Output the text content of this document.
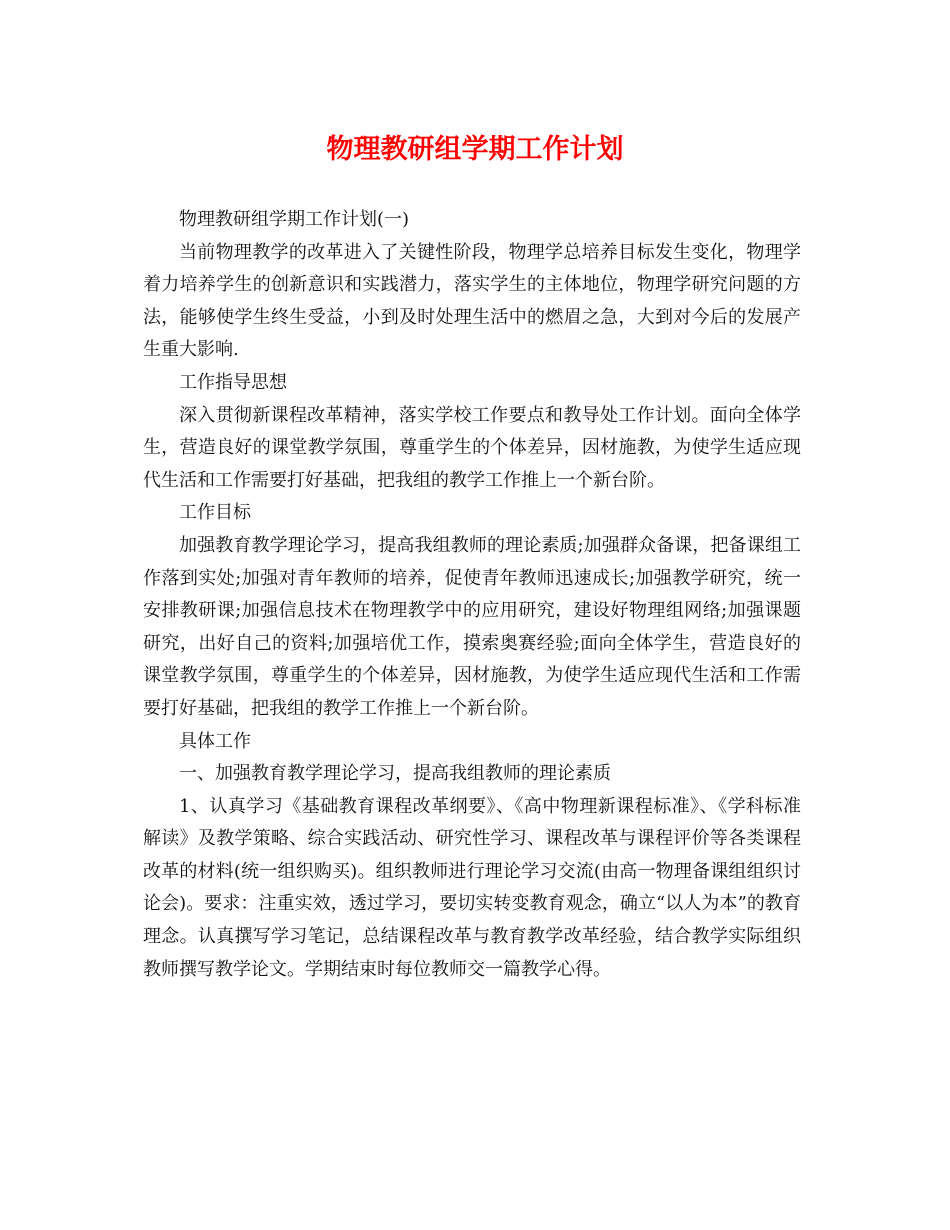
物理教研组学期工作计划

物理教研组学期工作计划(一)

当前物理教学的改革进入了关键性阶段，物理学总培养目标发生变化，物理学着力培养学生的创新意识和实践潜力，落实学生的主体地位，物理学研究问题的方法，能够使学生终生受益，小到及时处理生活中的燃眉之急，大到对今后的发展产生重大影响.

工作指导思想

深入贯彻新课程改革精神，落实学校工作要点和教导处工作计划。面向全体学生，营造良好的课堂教学氛围，尊重学生的个体差异，因材施教，为使学生适应现代生活和工作需要打好基础，把我组的教学工作推上一个新台阶。

工作目标

加强教育教学理论学习，提高我组教师的理论素质;加强群众备课，把备课组工作落到实处;加强对青年教师的培养，促使青年教师迅速成长;加强教学研究，统一安排教研课;加强信息技术在物理教学中的应用研究，建设好物理组网络;加强课题研究，出好自己的资料;加强培优工作，摸索奥赛经验;面向全体学生，营造良好的课堂教学氛围，尊重学生的个体差异，因材施教，为使学生适应现代生活和工作需要打好基础，把我组的教学工作推上一个新台阶。

具体工作

一、加强教育教学理论学习，提高我组教师的理论素质

1、认真学习《基础教育课程改革纲要》、《高中物理新课程标准》、《学科标准解读》及教学策略、综合实践活动、研究性学习、课程改革与课程评价等各类课程改革的材料(统一组织购买)。组织教师进行理论学习交流(由高一物理备课组组织讨论会)。要求：注重实效，透过学习，要切实转变教育观念，确立“以人为本”的教育理念。认真撰写学习笔记，总结课程改革与教育教学改革经验，结合教学实际组织教师撰写教学论文。学期结束时每位教师交一篇教学心得。
